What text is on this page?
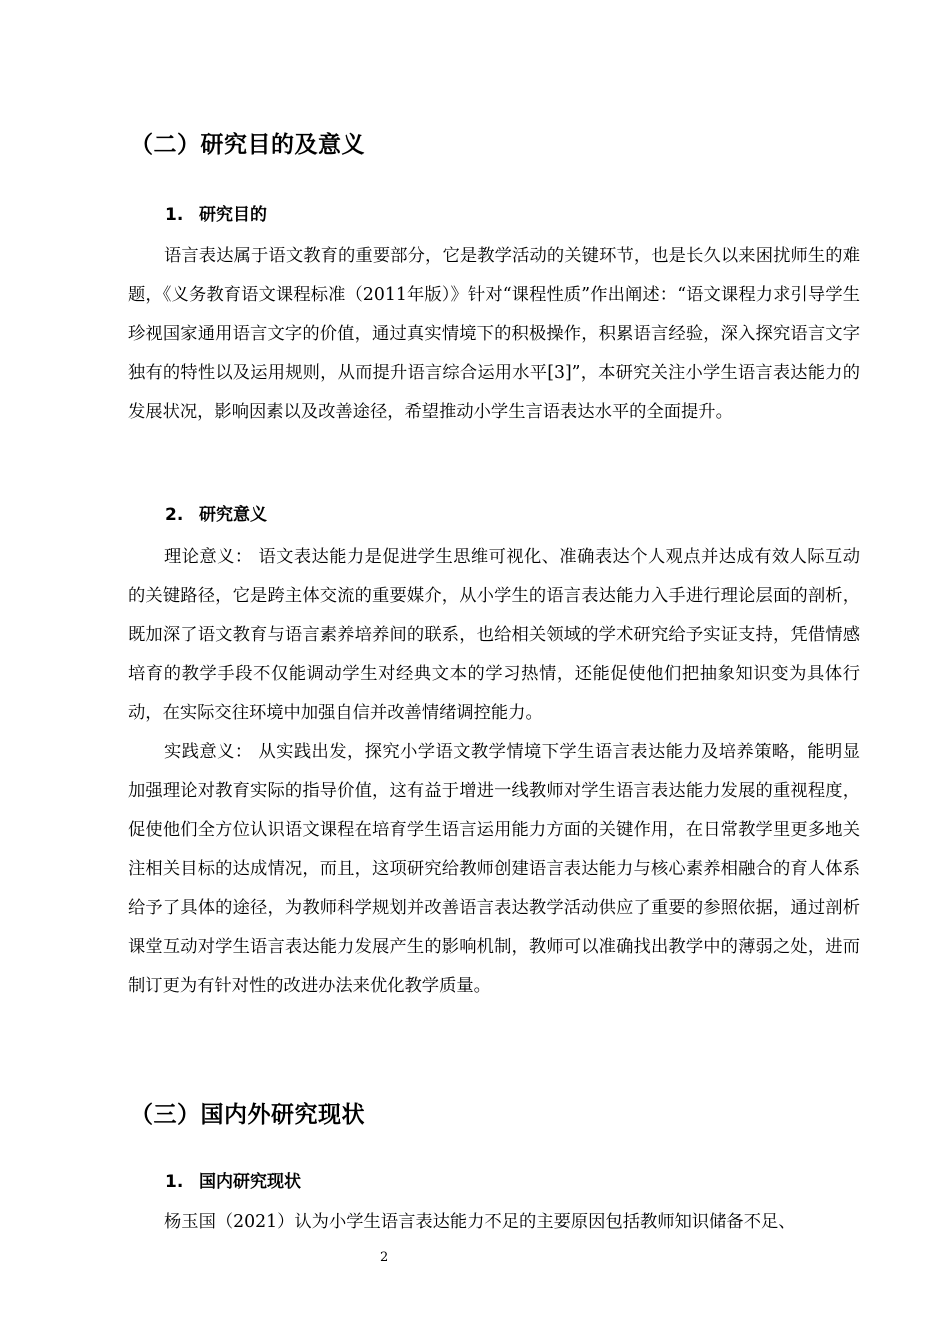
（二）研究目的及意义
1. 研究目的

语言表达属于语文教育的重要部分，它是教学活动的关键环节，也是长久以来困扰师生的难题，《义务教育语文课程标准（2011年版）》针对“课程性质”作出阐述：“语文课程力求引导学生珍视国家通用语言文字的价值，通过真实情境下的积极操作，积累语言经验，深入探究语言文字独有的特性以及运用规则，从而提升语言综合运用水平[3]”，本研究关注小学生语言表达能力的发展状况，影响因素以及改善途径，希望推动小学生言语表达水平的全面提升。

2. 研究意义

理论意义： 语文表达能力是促进学生思维可视化、准确表达个人观点并达成有效人际互动的关键路径，它是跨主体交流的重要媒介，从小学生的语言表达能力入手进行理论层面的剖析，既加深了语文教育与语言素养培养间的联系，也给相关领域的学术研究给予实证支持，凭借情感培育的教学手段不仅能调动学生对经典文本的学习热情，还能促使他们把抽象知识变为具体行动，在实际交往环境中加强自信并改善情绪调控能力。

实践意义： 从实践出发，探究小学语文教学情境下学生语言表达能力及培养策略，能明显加强理论对教育实际的指导价值，这有益于增进一线教师对学生语言表达能力发展的重视程度，促使他们全方位认识语文课程在培育学生语言运用能力方面的关键作用，在日常教学里更多地关注相关目标的达成情况，而且，这项研究给教师创建语言表达能力与核心素养相融合的育人体系给予了具体的途径，为教师科学规划并改善语言表达教学活动供应了重要的参照依据，通过剖析课堂互动对学生语言表达能力发展产生的影响机制，教师可以准确找出教学中的薄弱之处，进而制订更为有针对性的改进办法来优化教学质量。

（三）国内外研究现状
1. 国内研究现状

杨玉国（2021）认为小学生语言表达能力不足的主要原因包括教师知识储备不足、

2
